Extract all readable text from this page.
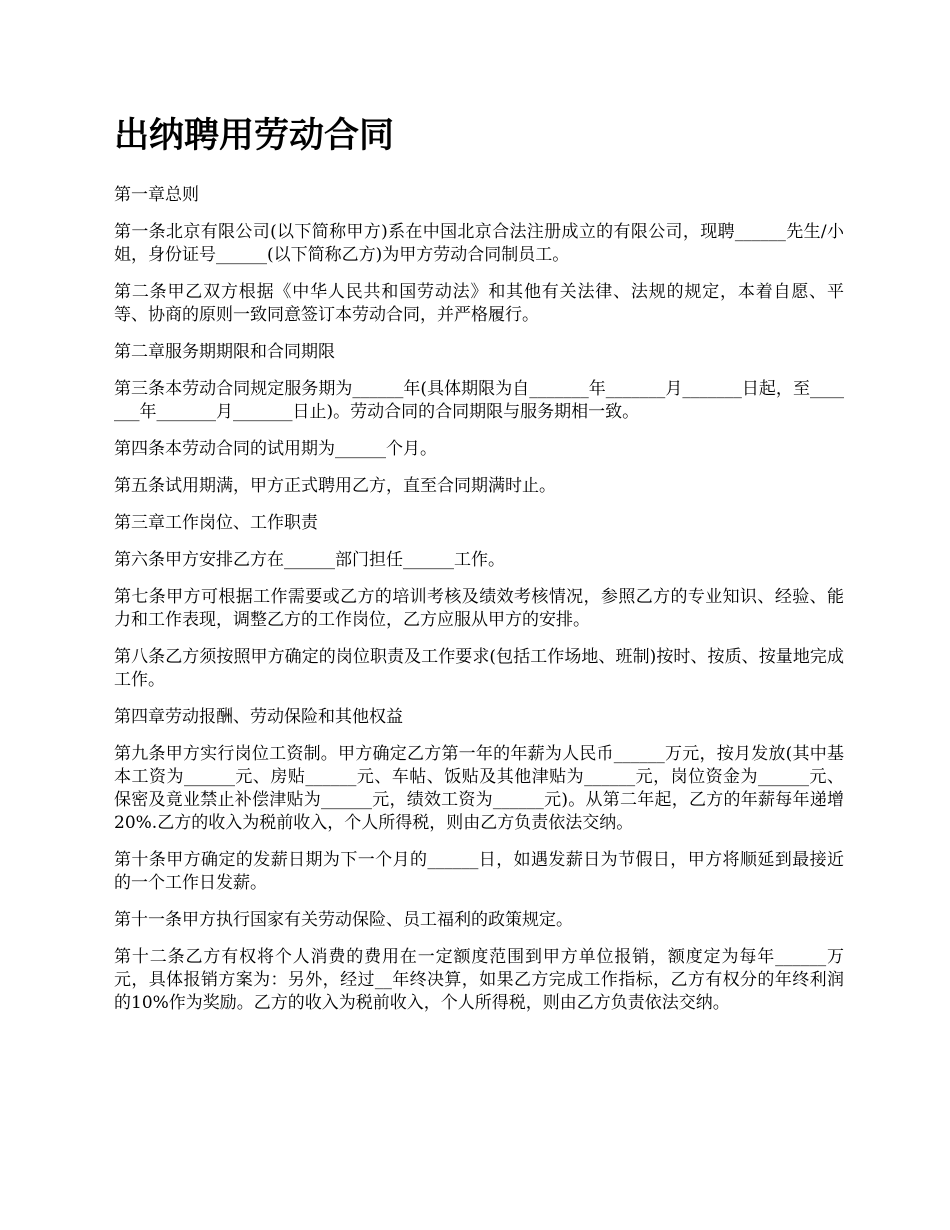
出纳聘用劳动合同

第一章总则

第一条北京有限公司(以下简称甲方)系在中国北京合法注册成立的有限公司，现聘______先生/小姐，身份证号______(以下简称乙方)为甲方劳动合同制员工。

第二条甲乙双方根据《中华人民共和国劳动法》和其他有关法律、法规的规定，本着自愿、平等、协商的原则一致同意签订本劳动合同，并严格履行。

第二章服务期期限和合同期限

第三条本劳动合同规定服务期为______年(具体期限为自_______年_______月_______日起，至_______年_______月_______日止)。劳动合同的合同期限与服务期相一致。

第四条本劳动合同的试用期为______个月。

第五条试用期满，甲方正式聘用乙方，直至合同期满时止。

第三章工作岗位、工作职责

第六条甲方安排乙方在______部门担任______工作。

第七条甲方可根据工作需要或乙方的培训考核及绩效考核情况，参照乙方的专业知识、经验、能力和工作表现，调整乙方的工作岗位，乙方应服从甲方的安排。

第八条乙方须按照甲方确定的岗位职责及工作要求(包括工作场地、班制)按时、按质、按量地完成工作。

第四章劳动报酬、劳动保险和其他权益

第九条甲方实行岗位工资制。甲方确定乙方第一年的年薪为人民币______万元，按月发放(其中基本工资为______元、房贴______元、车帖、饭贴及其他津贴为______元，岗位资金为______元、保密及竟业禁止补偿津贴为______元，绩效工资为______元)。从第二年起，乙方的年薪每年递增20%.乙方的收入为税前收入，个人所得税，则由乙方负责依法交纳。

第十条甲方确定的发薪日期为下一个月的______日，如遇发薪日为节假日，甲方将顺延到最接近的一个工作日发薪。

第十一条甲方执行国家有关劳动保险、员工福利的政策规定。

第十二条乙方有权将个人消费的费用在一定额度范围到甲方单位报销，额度定为每年______万元，具体报销方案为：另外，经过__年终决算，如果乙方完成工作指标，乙方有权分的年终利润的10%作为奖励。乙方的收入为税前收入，个人所得税，则由乙方负责依法交纳。
